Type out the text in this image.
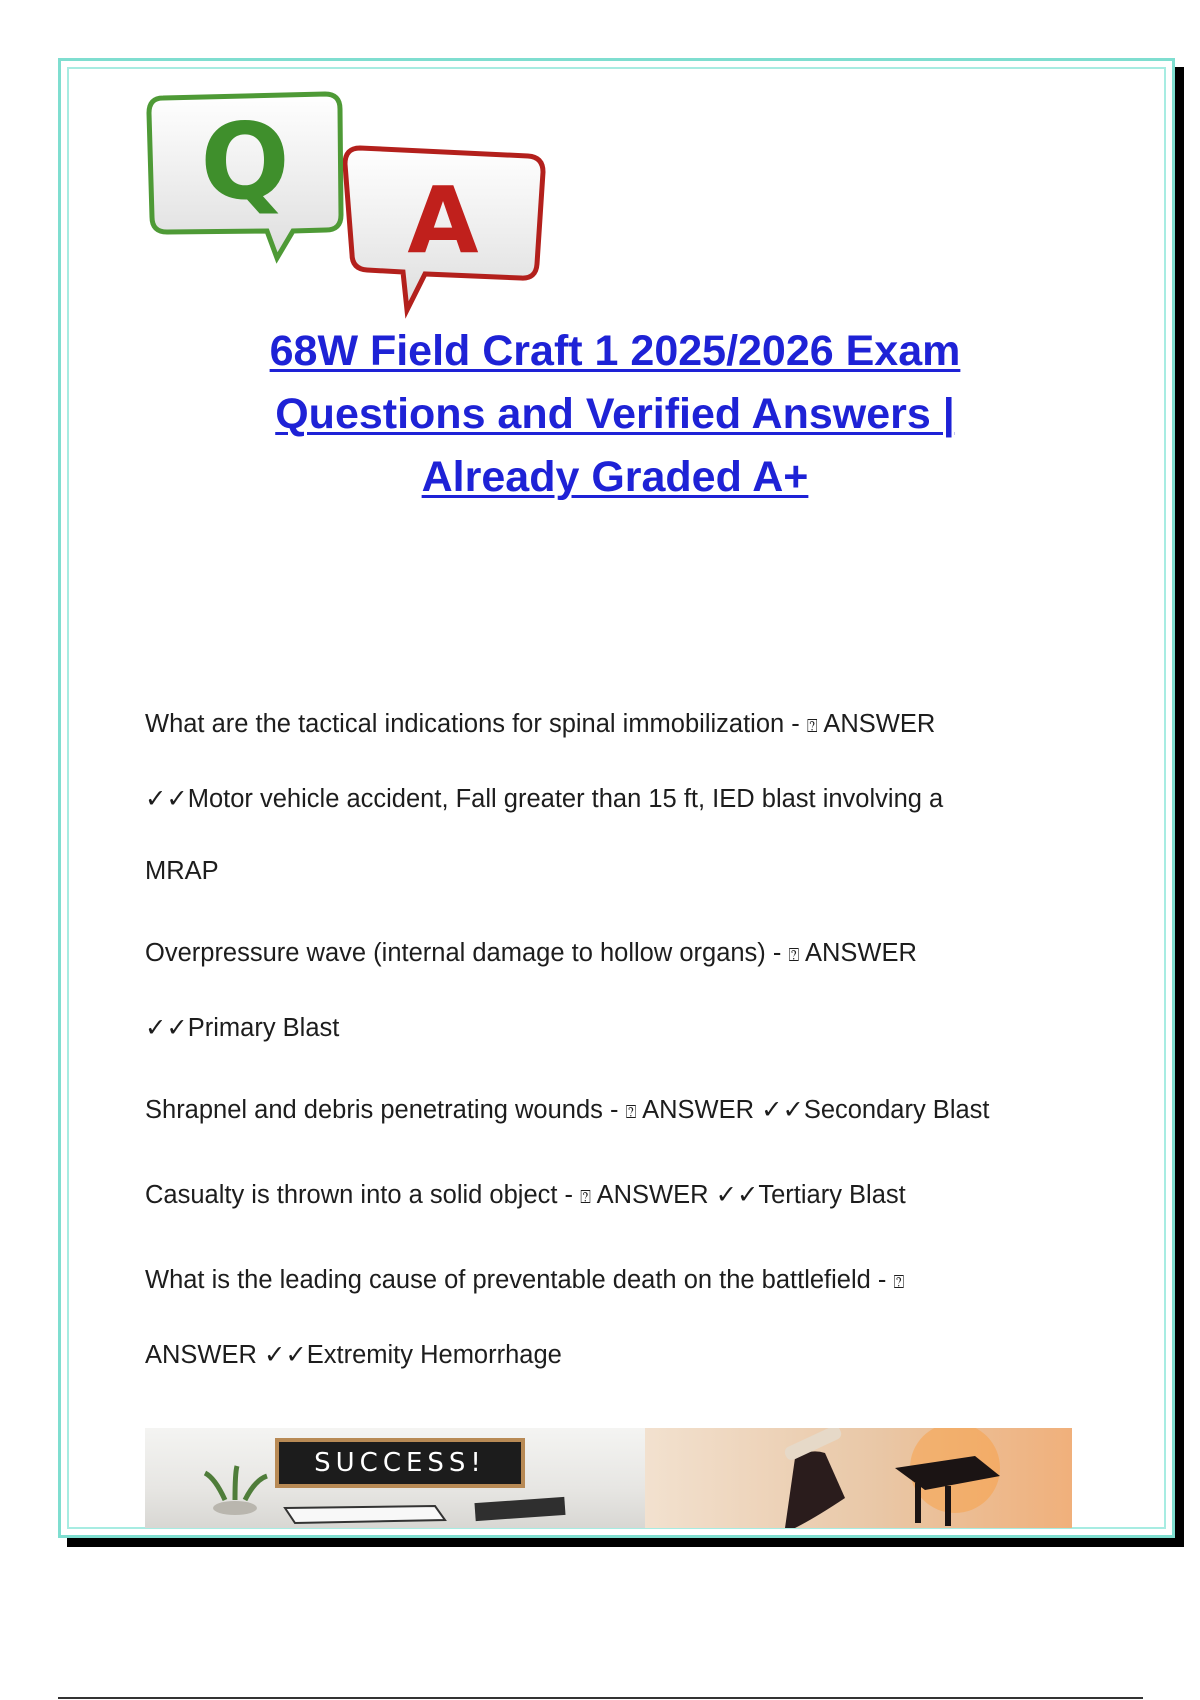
Q A
68W Field Craft 1 2025/2026 Exam
Questions and Verified Answers |
Already Graded A+

What are the tactical indications for spinal immobilization - ⍰ ANSWER
✓✓Motor vehicle accident, Fall greater than 15 ft, IED blast involving a
MRAP

Overpressure wave (internal damage to hollow organs) - ⍰ ANSWER
✓✓Primary Blast

Shrapnel and debris penetrating wounds - ⍰ ANSWER ✓✓Secondary Blast

Casualty is thrown into a solid object - ⍰ ANSWER ✓✓Tertiary Blast

What is the leading cause of preventable death on the battlefield - ⍰
ANSWER ✓✓Extremity Hemorrhage

SUCCESS!
